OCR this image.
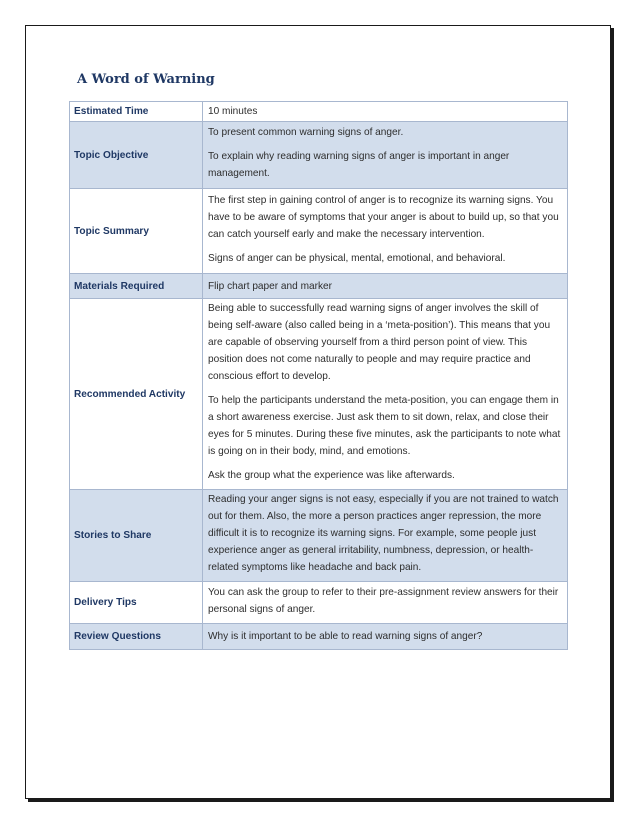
A Word of Warning
Estimated Time	10 minutes

Topic Objective	To present common warning signs of anger.

To explain why reading warning signs of anger is important in anger management.

Topic Summary	The first step in gaining control of anger is to recognize its warning signs. You have to be aware of symptoms that your anger is about to build up, so that you can catch yourself early and make the necessary intervention.

Signs of anger can be physical, mental, emotional, and behavioral.

Materials Required	Flip chart paper and marker

Recommended Activity	Being able to successfully read warning signs of anger involves the skill of being self-aware (also called being in a ‘meta-position’). This means that you are capable of observing yourself from a third person point of view. This position does not come naturally to people and may require practice and conscious effort to develop.

To help the participants understand the meta-position, you can engage them in a short awareness exercise. Just ask them to sit down, relax, and close their eyes for 5 minutes. During these five minutes, ask the participants to note what is going on in their body, mind, and emotions.

Ask the group what the experience was like afterwards.

Stories to Share	Reading your anger signs is not easy, especially if you are not trained to watch out for them. Also, the more a person practices anger repression, the more difficult it is to recognize its warning signs. For example, some people just experience anger as general irritability, numbness, depression, or health-related symptoms like headache and back pain.

Delivery Tips	You can ask the group to refer to their pre-assignment review answers for their personal signs of anger.

Review Questions	Why is it important to be able to read warning signs of anger?
